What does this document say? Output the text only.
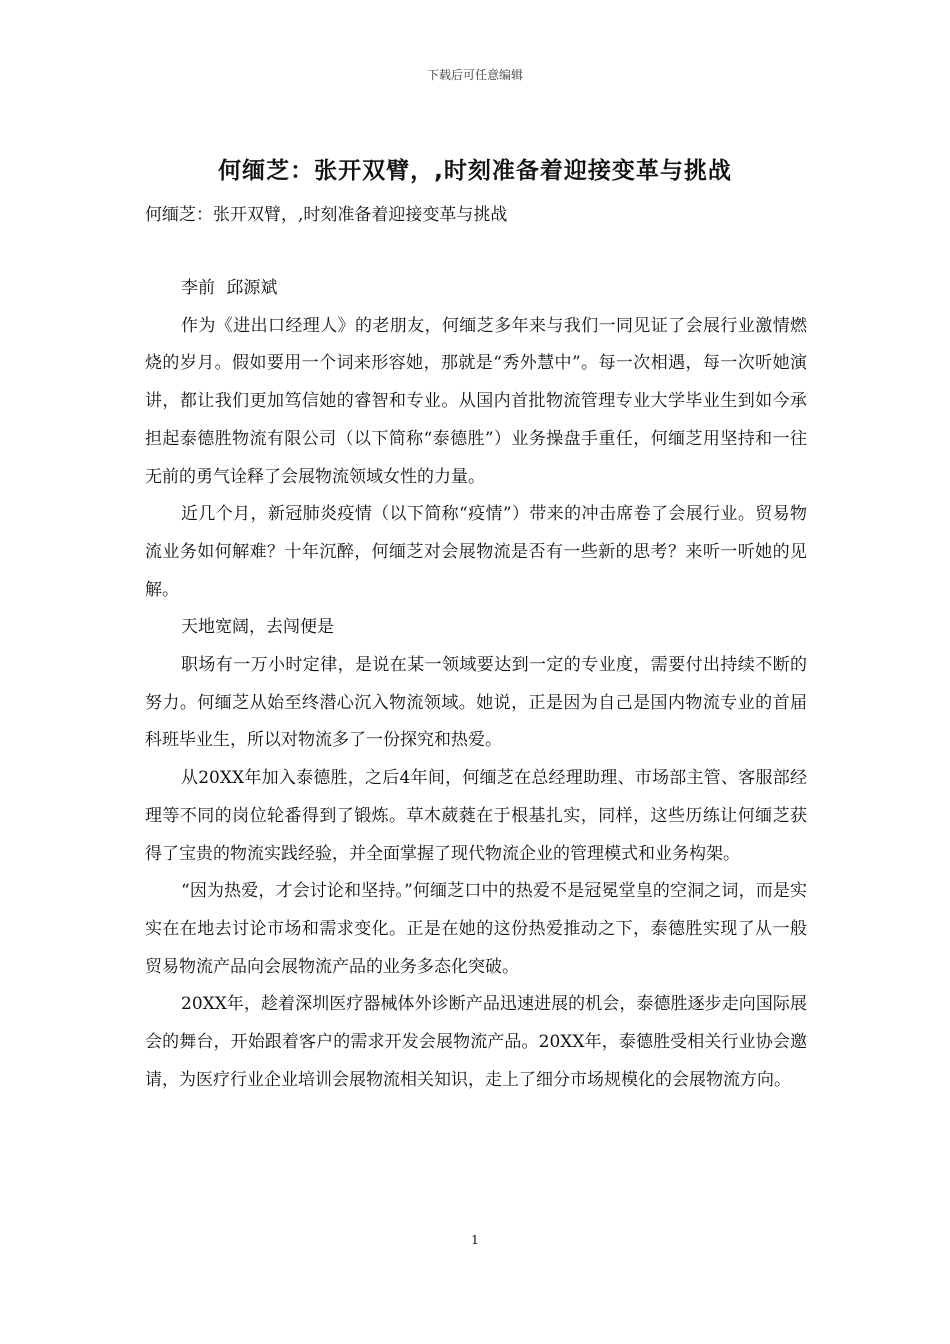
下载后可任意编辑
何缅芝：张开双臂，,时刻准备着迎接变革与挑战
何缅芝：张开双臂，,时刻准备着迎接变革与挑战

李前 邱源斌

作为《进出口经理人》的老朋友，何缅芝多年来与我们一同见证了会展行业激情燃烧的岁月。假如要用一个词来形容她，那就是“秀外慧中”。每一次相遇，每一次听她演讲，都让我们更加笃信她的睿智和专业。从国内首批物流管理专业大学毕业生到如今承担起泰德胜物流有限公司（以下简称“泰德胜”）业务操盘手重任，何缅芝用坚持和一往无前的勇气诠释了会展物流领域女性的力量。

近几个月，新冠肺炎疫情（以下简称“疫情”）带来的冲击席卷了会展行业。贸易物流业务如何解难？十年沉醉，何缅芝对会展物流是否有一些新的思考？来听一听她的见解。

天地宽阔，去闯便是

职场有一万小时定律，是说在某一领域要达到一定的专业度，需要付出持续不断的努力。何缅芝从始至终潜心沉入物流领域。她说，正是因为自己是国内物流专业的首届科班毕业生，所以对物流多了一份探究和热爱。

从20XX年加入泰德胜，之后4年间，何缅芝在总经理助理、市场部主管、客服部经理等不同的岗位轮番得到了锻炼。草木葳蕤在于根基扎实，同样，这些历练让何缅芝获得了宝贵的物流实践经验，并全面掌握了现代物流企业的管理模式和业务构架。

“因为热爱，才会讨论和坚持。”何缅芝口中的热爱不是冠冕堂皇的空洞之词，而是实实在在地去讨论市场和需求变化。正是在她的这份热爱推动之下，泰德胜实现了从一般贸易物流产品向会展物流产品的业务多态化突破。

20XX年，趁着深圳医疗器械体外诊断产品迅速进展的机会，泰德胜逐步走向国际展会的舞台，开始跟着客户的需求开发会展物流产品。20XX年，泰德胜受相关行业协会邀请，为医疗行业企业培训会展物流相关知识，走上了细分市场规模化的会展物流方向。

1
